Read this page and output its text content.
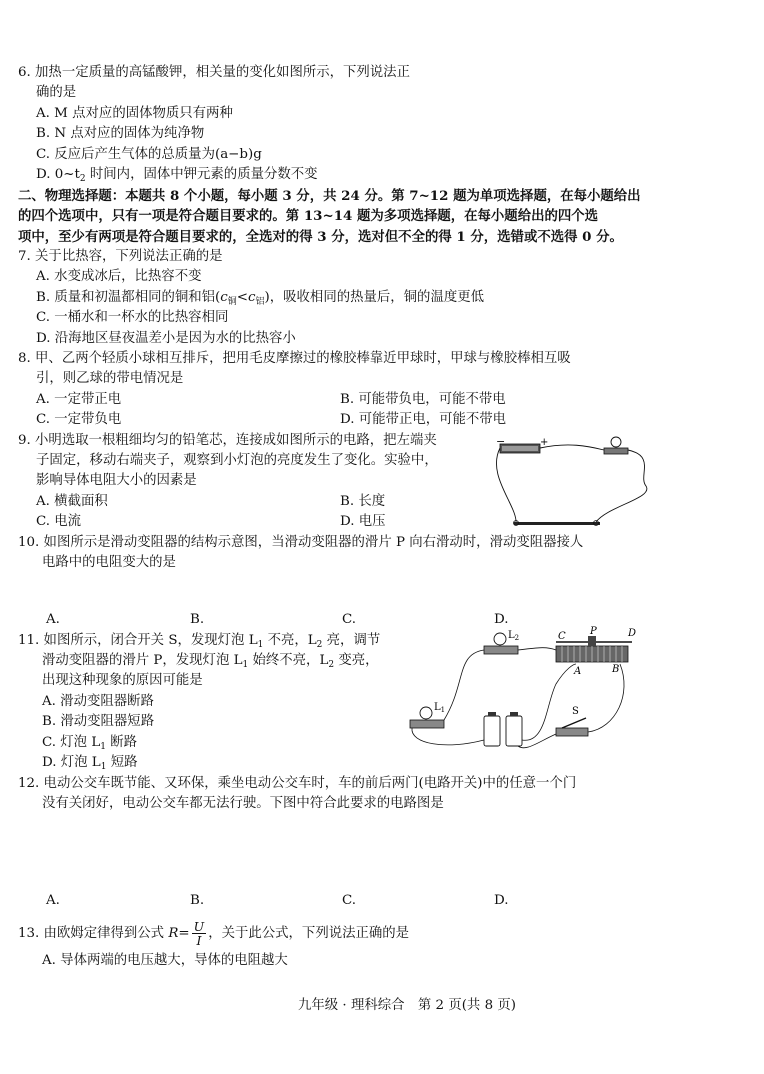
6. 加热一定质量的高锰酸钾，相关量的变化如图所示，下列说法正
确的是
A. M 点对应的固体物质只有两种
B. N 点对应的固体为纯净物
C. 反应后产生气体的总质量为(a−b)g
D. $0\sim t_2$ 时间内，固体中钾元素的质量分数不变
二、物理选择题：本题共 8 个小题，每小题 3 分，共 24 分。第 7~12 题为单项选择题，在每小题给出
的四个选项中，只有一项是符合题目要求的。第 13~14 题为多项选择题，在每小题给出的四个选
项中，至少有两项是符合题目要求的，全选对的得 3 分，选对但不全的得 1 分，选错或不选得 0 分。
7. 关于比热容，下列说法正确的是
A. 水变成冰后，比热容不变
B. 质量和初温都相同的铜和铝$(c_铜<c_铝)$，吸收相同的热量后，铜的温度更低
C. 一桶水和一杯水的比热容相同
D. 沿海地区昼夜温差小是因为水的比热容小
8. 甲、乙两个轻质小球相互排斥，把用毛皮摩擦过的橡胶棒靠近甲球时，甲球与橡胶棒相互吸
引，则乙球的带电情况是
A. 一定带正电	B. 可能带负电，可能不带电
C. 一定带负电	D. 可能带正电，可能不带电
9. 小明选取一根粗细均匀的铅笔芯，连接成如图所示的电路，把左端夹
子固定，移动右端夹子，观察到小灯泡的亮度发生了变化。实验中，
影响导体电阻大小的因素是
A. 横截面积	B. 长度
C. 电流	D. 电压
−	+
10. 如图所示是滑动变阻器的结构示意图，当滑动变阻器的滑片 P 向右滑动时，滑动变阻器接人
电路中的电阻变大的是
A.	B.	C.	D.
11. 如图所示，闭合开关 S，发现灯泡 $L_1$ 不亮，$L_2$ 亮，调节
滑动变阻器的滑片 P，发现灯泡 $L_1$ 始终不亮，$L_2$ 变亮，
出现这种现象的原因可能是
A. 滑动变阻器断路
B. 滑动变阻器短路
C. 灯泡 $L_1$ 断路
D. 灯泡 $L_1$ 短路
$L_2$	C P	D
A	B
$L_1$	S
12. 电动公交车既节能、又环保，乘坐电动公交车时，车的前后两门(电路开关)中的任意一个门
没有关闭好，电动公交车都无法行驶。下图中符合此要求的电路图是
A.	B.	C.	D.
13. 由欧姆定律得到公式 $R= \frac{U}{I}$ ，关于此公式，下列说法正确的是
A. 导体两端的电压越大，导体的电阻越大
九年级 · 理科综合　第 2 页(共 8 页)
